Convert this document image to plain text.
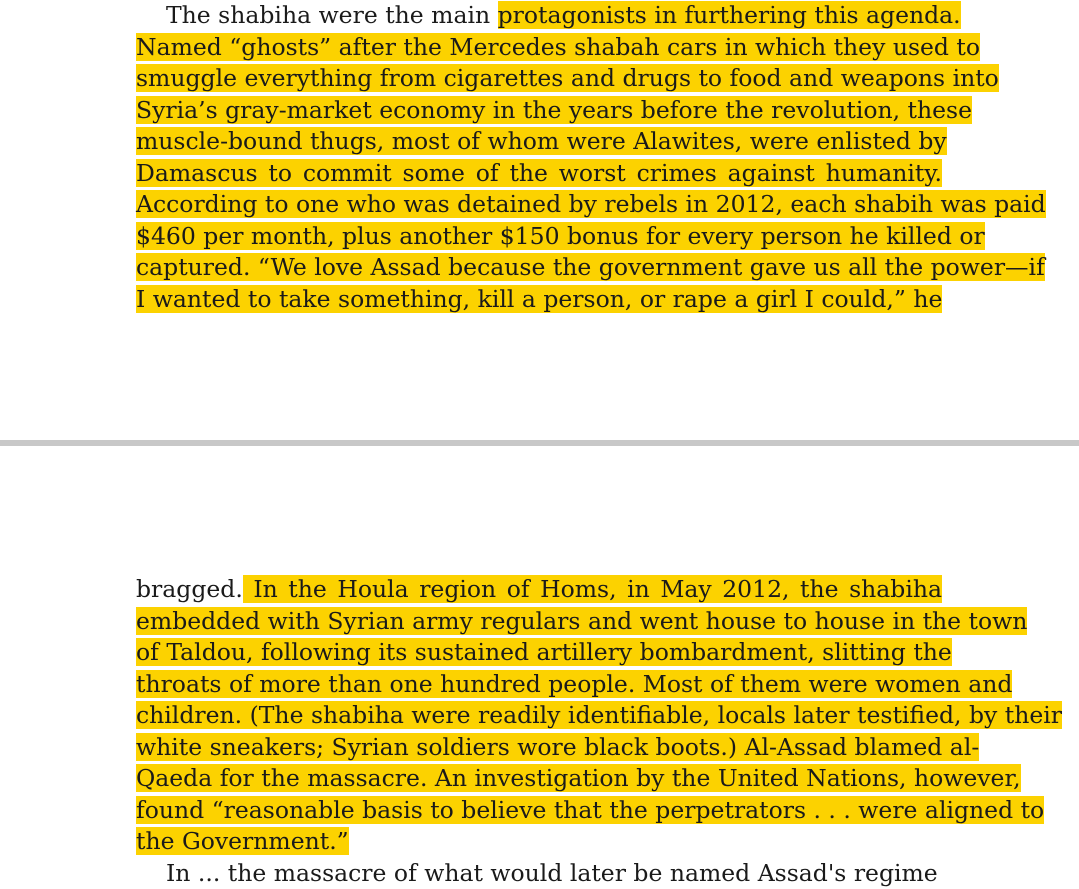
The shabiha were the main protagonists in furthering this agenda.
Named “ghosts” after the Mercedes shabah cars in which they used to
smuggle everything from cigarettes and drugs to food and weapons into
Syria’s gray-market economy in the years before the revolution, these
muscle-bound thugs, most of whom were Alawites, were enlisted by
Damascus to commit some of the worst crimes against humanity.
According to one who was detained by rebels in 2012, each shabih was paid
$460 per month, plus another $150 bonus for every person he killed or
captured. “We love Assad because the government gave us all the power—if
I wanted to take something, kill a person, or rape a girl I could,” he
bragged. In the Houla region of Homs, in May 2012, the shabiha
embedded with Syrian army regulars and went house to house in the town
of Taldou, following its sustained artillery bombardment, slitting the
throats of more than one hundred people. Most of them were women and
children. (The shabiha were readily identifiable, locals later testified, by their
white sneakers; Syrian soldiers wore black boots.) Al-Assad blamed al-
Qaeda for the massacre. An investigation by the United Nations, however,
found “reasonable basis to believe that the perpetrators . . . were aligned to
the Government.”
In ... the massacre of what would later be named Assad's regime
